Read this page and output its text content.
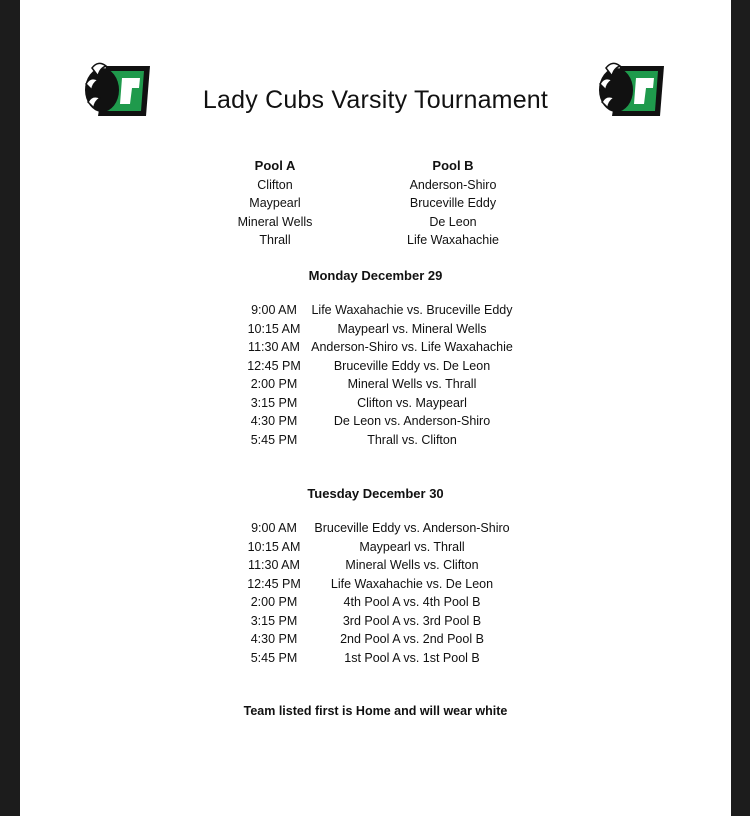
Lady Cubs Varsity Tournament
Pool A
Clifton
Maypearl
Mineral Wells
Thrall
Pool B
Anderson-Shiro
Bruceville Eddy
De Leon
Life Waxahachie
Monday December 29
9:00 AM	Life Waxahachie vs. Bruceville Eddy
10:15 AM	Maypearl vs. Mineral Wells
11:30 AM Anderson-Shiro vs. Life Waxahachie
12:45 PM	Bruceville Eddy vs. De Leon
2:00 PM	Mineral Wells vs. Thrall
3:15 PM	Clifton vs. Maypearl
4:30 PM	De Leon vs. Anderson-Shiro
5:45 PM	Thrall vs. Clifton
Tuesday December 30
9:00 AM	Bruceville Eddy vs. Anderson-Shiro
10:15 AM	Maypearl vs. Thrall
11:30 AM	Mineral Wells vs. Clifton
12:45 PM	Life Waxahachie vs. De Leon
2:00 PM	4th Pool A vs. 4th Pool B
3:15 PM	3rd Pool A vs. 3rd Pool B
4:30 PM	2nd Pool A vs. 2nd Pool B
5:45 PM	1st Pool A vs. 1st Pool B
Team listed first is Home and will wear white
